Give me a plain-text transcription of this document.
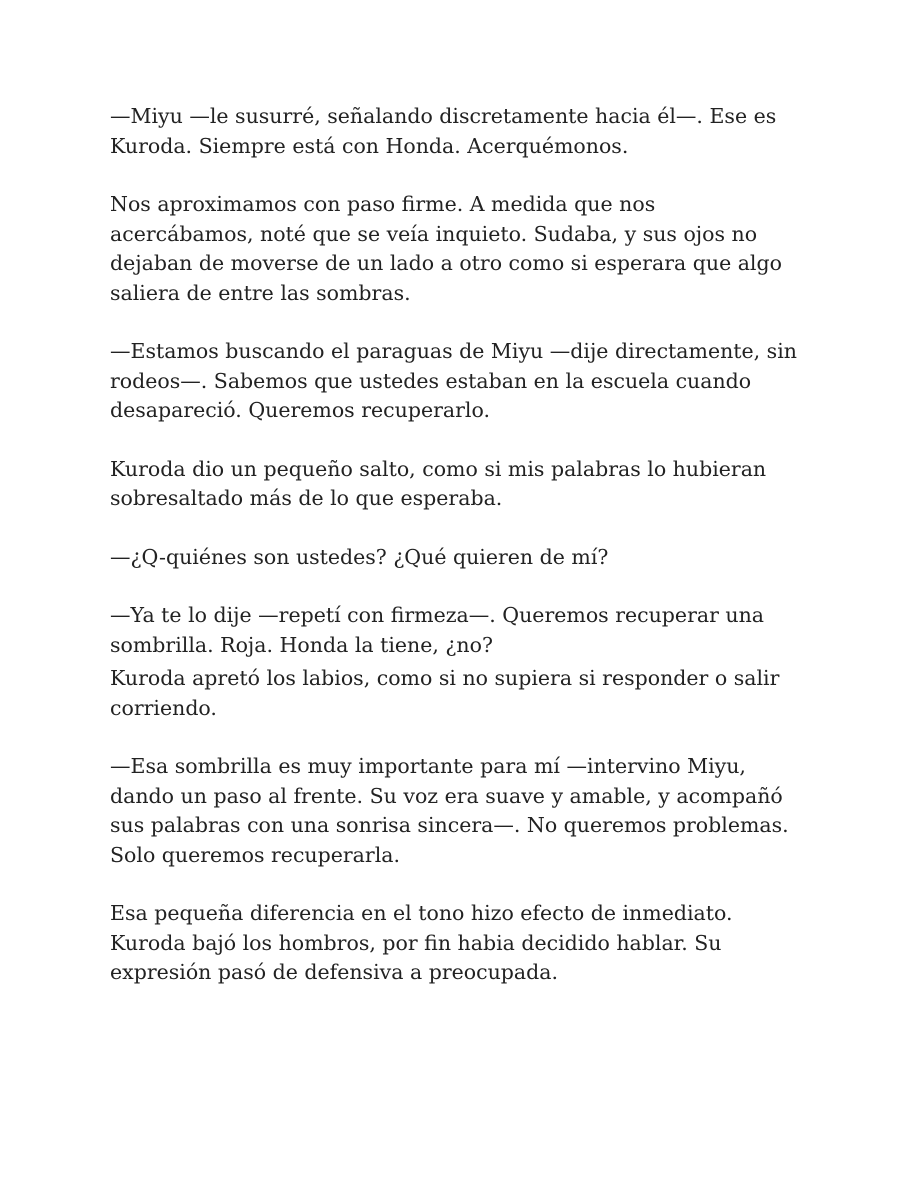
—Miyu —le susurré, señalando discretamente hacia él—. Ese es Kuroda. Siempre está con Honda. Acerquémonos.

Nos aproximamos con paso firme. A medida que nos acercábamos, noté que se veía inquieto. Sudaba, y sus ojos no dejaban de moverse de un lado a otro como si esperara que algo saliera de entre las sombras.

—Estamos buscando el paraguas de Miyu —dije directamente, sin rodeos—. Sabemos que ustedes estaban en la escuela cuando desapareció. Queremos recuperarlo.

Kuroda dio un pequeño salto, como si mis palabras lo hubieran sobresaltado más de lo que esperaba.

—¿Q-quiénes son ustedes? ¿Qué quieren de mí?

—Ya te lo dije —repetí con firmeza—. Queremos recuperar una sombrilla. Roja. Honda la tiene, ¿no?

Kuroda apretó los labios, como si no supiera si responder o salir corriendo.

—Esa sombrilla es muy importante para mí —intervino Miyu, dando un paso al frente. Su voz era suave y amable, y acompañó sus palabras con una sonrisa sincera—. No queremos problemas. Solo queremos recuperarla.

Esa pequeña diferencia en el tono hizo efecto de inmediato. Kuroda bajó los hombros, por fin habia decidido hablar. Su expresión pasó de defensiva a preocupada.
